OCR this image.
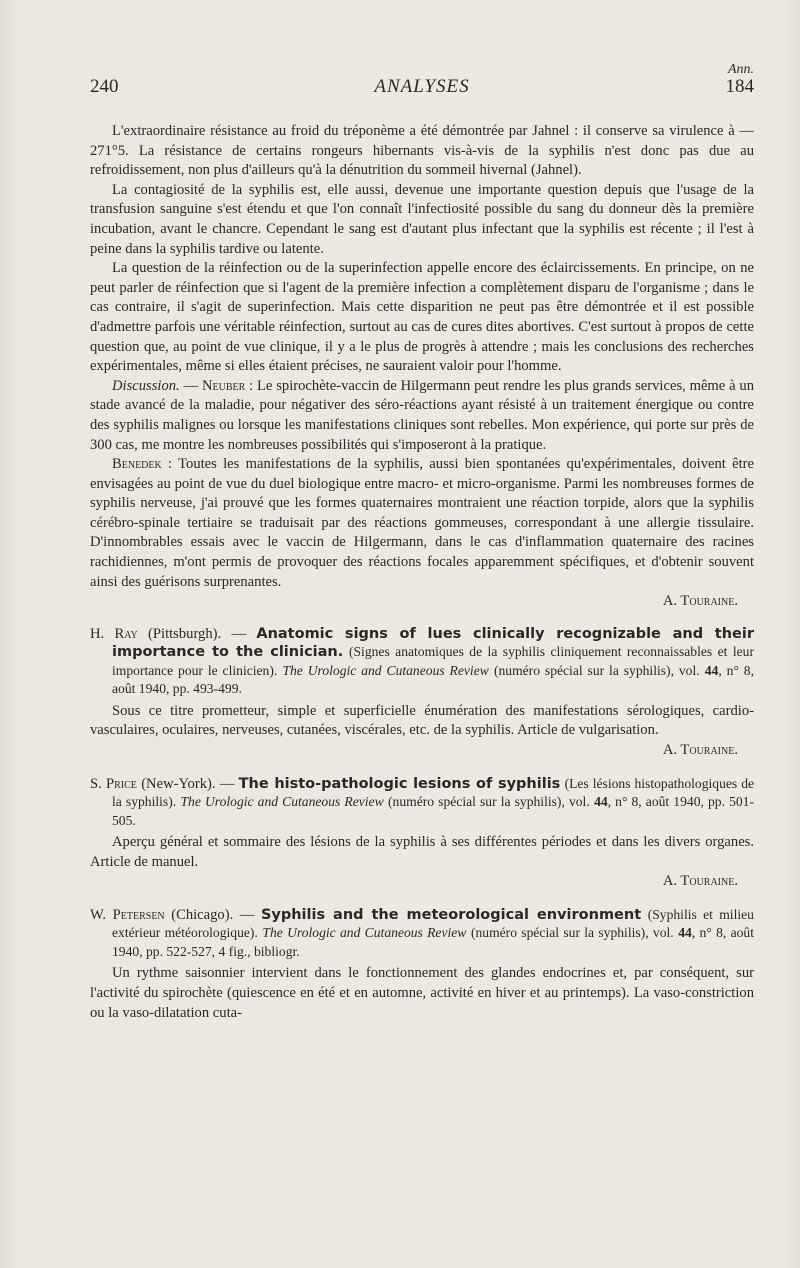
240	ANALYSES
Ann.
184

L'extraordinaire résistance au froid du tréponème a été démontrée par Jahnel : il conserve sa virulence à — 271°5. La résistance de certains rongeurs hibernants vis-à-vis de la syphilis n'est donc pas due au refroidissement, non plus d'ailleurs qu'à la dénutrition du sommeil hivernal (Jahnel).

La contagiosité de la syphilis est, elle aussi, devenue une importante question depuis que l'usage de la transfusion sanguine s'est étendu et que l'on connaît l'infectiosité possible du sang du donneur dès la première incubation, avant le chancre. Cependant le sang est d'autant plus infectant que la syphilis est récente ; il l'est à peine dans la syphilis tardive ou latente.

La question de la réinfection ou de la superinfection appelle encore des éclaircissements. En principe, on ne peut parler de réinfection que si l'agent de la première infection a complètement disparu de l'organisme ; dans le cas contraire, il s'agit de superinfection. Mais cette disparition ne peut pas être démontrée et il est possible d'admettre parfois une véritable réinfection, surtout au cas de cures dites abortives. C'est surtout à propos de cette question que, au point de vue clinique, il y a le plus de progrès à attendre ; mais les conclusions des recherches expérimentales, même si elles étaient précises, ne sauraient valoir pour l'homme.

Discussion. — Neuber : Le spirochète-vaccin de Hilgermann peut rendre les plus grands services, même à un stade avancé de la maladie, pour négativer des séro-réactions ayant résisté à un traitement énergique ou contre des syphilis malignes ou lorsque les manifestations cliniques sont rebelles. Mon expérience, qui porte sur près de 300 cas, me montre les nombreuses possibilités qui s'imposeront à la pratique.

Benedek : Toutes les manifestations de la syphilis, aussi bien spontanées qu'expérimentales, doivent être envisagées au point de vue du duel biologique entre macro- et micro-organisme. Parmi les nombreuses formes de syphilis nerveuse, j'ai prouvé que les formes quaternaires montraient une réaction torpide, alors que la syphilis cérébro-spinale tertiaire se traduisait par des réactions gommeuses, correspondant à une allergie tissulaire. D'innombrables essais avec le vaccin de Hilgermann, dans le cas d'inflammation quaternaire des racines rachidiennes, m'ont permis de provoquer des réactions focales apparemment spécifiques, et d'obtenir souvent ainsi des guérisons surprenantes.

A. Touraine.

H. Ray (Pittsburgh). — Anatomic signs of lues clinically recognizable and their importance to the clinician. (Signes anatomiques de la syphilis cliniquement reconnaissables et leur importance pour le clinicien). The Urologic and Cutaneous Review (numéro spécial sur la syphilis), vol. 44, n° 8, août 1940, pp. 493-499.

Sous ce titre prometteur, simple et superficielle énumération des manifestations sérologiques, cardio-vasculaires, oculaires, nerveuses, cutanées, viscérales, etc. de la syphilis. Article de vulgarisation.

A. Touraine.

S. Price (New-York). — The histo-pathologic lesions of syphilis (Les lésions histopathologiques de la syphilis). The Urologic and Cutaneous Review (numéro spécial sur la syphilis), vol. 44, n° 8, août 1940, pp. 501-505.

Aperçu général et sommaire des lésions de la syphilis à ses différentes périodes et dans les divers organes. Article de manuel.

A. Touraine.

W. Petersen (Chicago). — Syphilis and the meteorological environment (Syphilis et milieu extérieur météorologique). The Urologic and Cutaneous Review (numéro spécial sur la syphilis), vol. 44, n° 8, août 1940, pp. 522-527, 4 fig., bibliogr.

Un rythme saisonnier intervient dans le fonctionnement des glandes endocrines et, par conséquent, sur l'activité du spirochète (quiescence en été et en automne, activité en hiver et au printemps). La vaso-constriction ou la vaso-dilatation cuta-
